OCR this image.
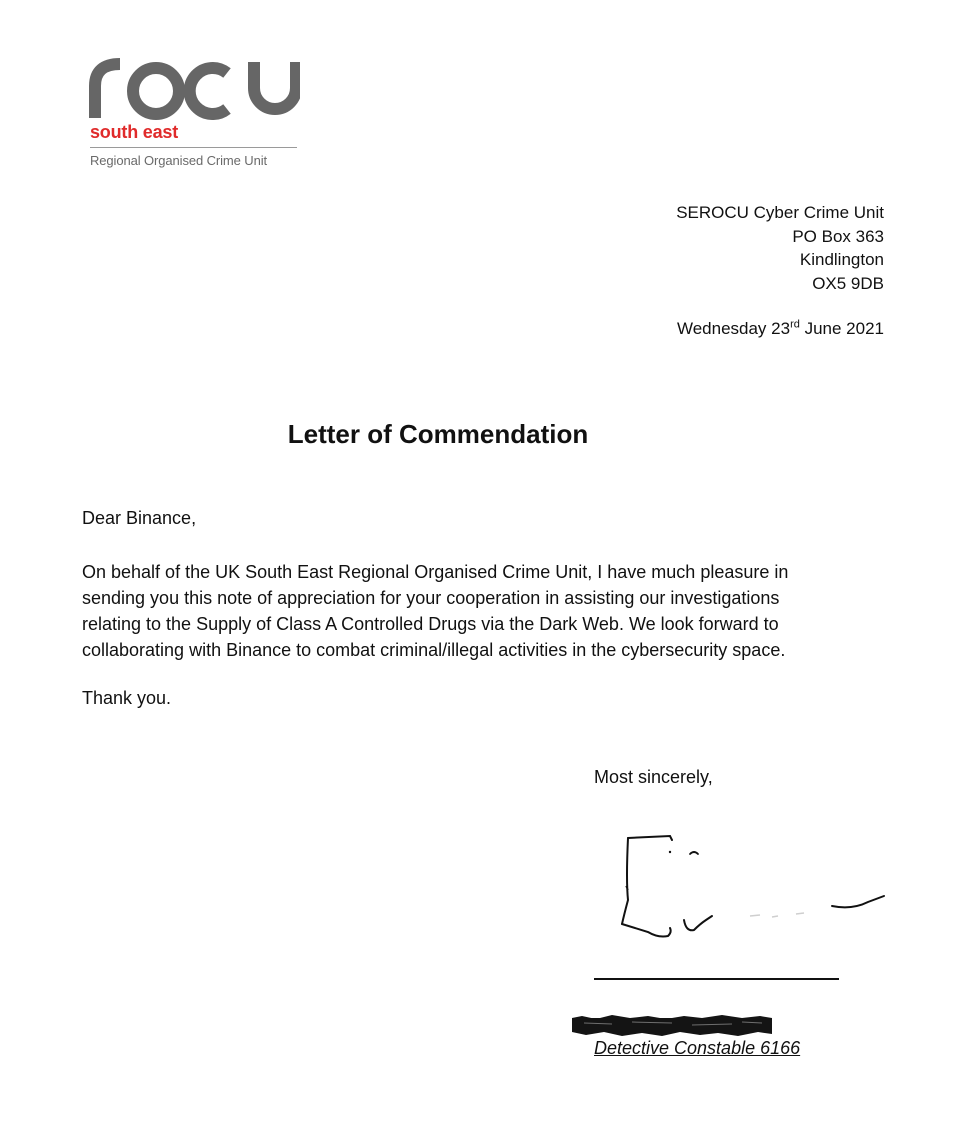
south east
Regional Organised Crime Unit
SEROCU Cyber Crime Unit
PO Box 363
Kindlington
OX5 9DB
Wednesday 23rd June 2021
Letter of Commendation
Dear Binance,
On behalf of the UK South East Regional Organised Crime Unit, I have much pleasure in
sending you this note of appreciation for your cooperation in assisting our investigations
relating to the Supply of Class A Controlled Drugs via the Dark Web. We look forward to
collaborating with Binance to combat criminal/illegal activities in the cybersecurity space.
Thank you.
Most sincerely,
Detective Constable 6166
